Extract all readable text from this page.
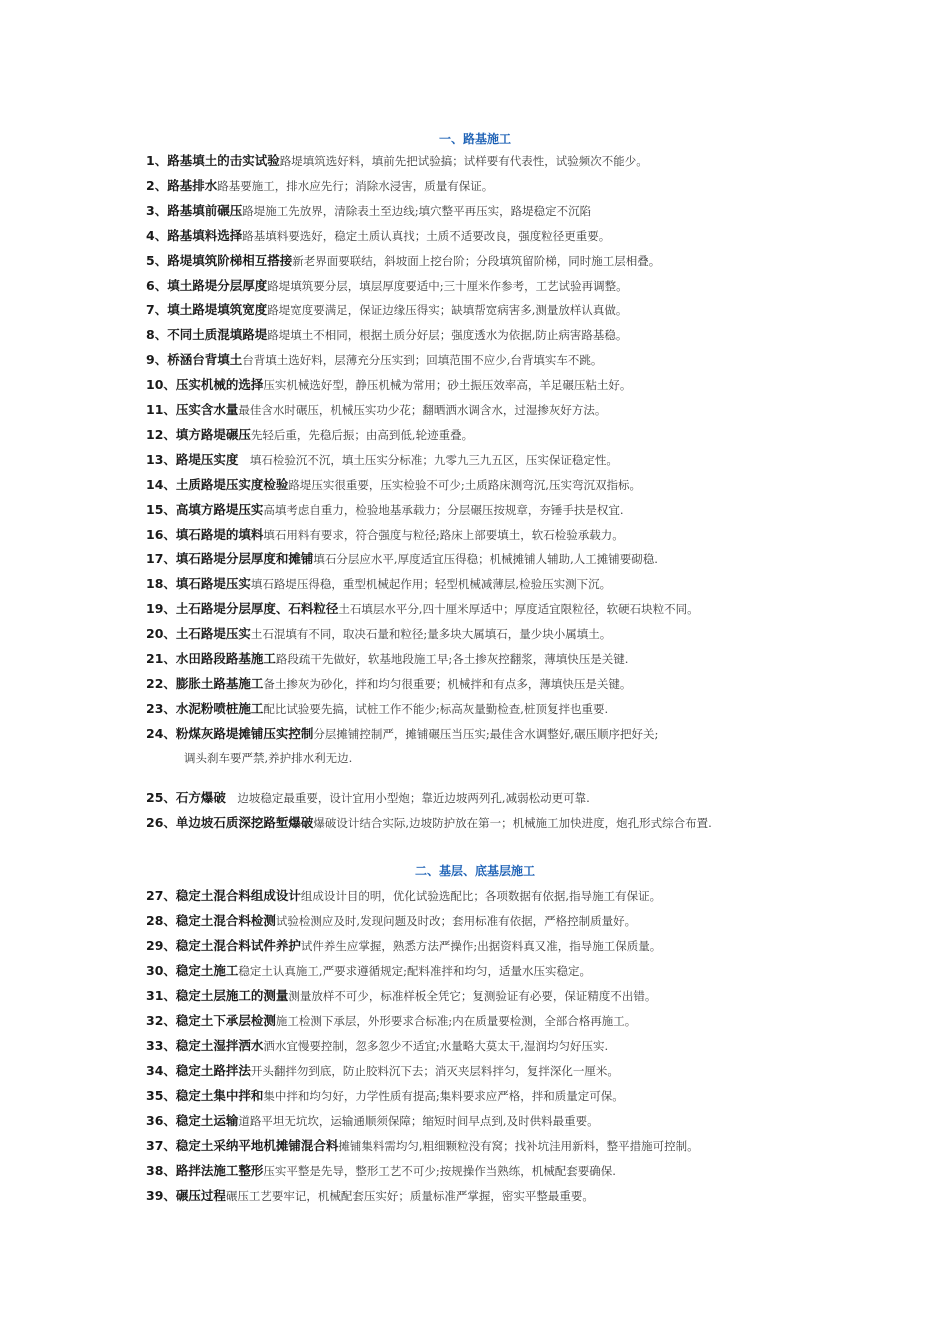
一、路基施工
1、路基填土的击实试验路堤填筑选好料，填前先把试验搞；试样要有代表性，试验频次不能少。
2、路基排水路基要施工，排水应先行；消除水浸害，质量有保证。
3、路基填前碾压路堤施工先放界，清除表土至边线;填穴整平再压实，路堤稳定不沉陷
4、路基填料选择路基填料要选好，稳定土质认真找；土质不适要改良，强度粒径更重要。
5、路堤填筑阶梯相互搭接新老界面要联结，斜坡面上挖台阶；分段填筑留阶梯，同时施工层相叠。
6、填土路堤分层厚度路堤填筑要分层，填层厚度要适中;三十厘米作参考，工艺试验再调整。
7、填土路堤填筑宽度路堤宽度要满足，保证边缘压得实；缺填帮宽病害多,测量放样认真做。
8、不同土质混填路堤路堤填土不相同，根据土质分好层；强度透水为依据,防止病害路基稳。
9、桥涵台背填土台背填土选好料，层薄充分压实到；回填范围不应少,台背填实车不跳。
10、压实机械的选择压实机械选好型，静压机械为常用；砂土振压效率高，羊足碾压粘土好。
11、压实含水量最佳含水时碾压，机械压实功少花；翻晒洒水调含水，过湿掺灰好方法。
12、填方路堤碾压先轻后重，先稳后振；由高到低,轮迹重叠。
13、路堤压实度　填石检验沉不沉，填土压实分标准；九零九三九五区，压实保证稳定性。
14、土质路堤压实度检验路堤压实很重要，压实检验不可少;土质路床测弯沉,压实弯沉双指标。
15、高填方路堤压实高填考虑自重力，检验地基承载力；分层碾压按规章，夯锤手扶是权宜.
16、填石路堤的填料填石用料有要求，符合强度与粒径;路床上部要填土，软石检验承载力。
17、填石路堤分层厚度和摊铺填石分层应水平,厚度适宜压得稳；机械摊铺人辅助,人工摊铺要砌稳.
18、填石路堤压实填石路堤压得稳，重型机械起作用；轻型机械减薄层,检验压实测下沉。
19、土石路堤分层厚度、石料粒径土石填层水平分,四十厘米厚适中；厚度适宜限粒径，软硬石块粒不同。
20、土石路堤压实土石混填有不同，取决石量和粒径;量多块大属填石，量少块小属填土。
21、水田路段路基施工路段疏干先做好，软基地段施工早;各土掺灰控翻浆，薄填快压是关键.
22、膨胀土路基施工备土掺灰为砂化，拌和均匀很重要；机械拌和有点多，薄填快压是关键。
23、水泥粉喷桩施工配比试验要先搞，试桩工作不能少;标高灰量勤检查,桩顶复拌也重要.
24、粉煤灰路堤摊铺压实控制分层摊铺控制严，摊铺碾压当压实;最佳含水调整好,碾压顺序把好关;
调头刹车要严禁,养护排水利无边.
25、石方爆破　边坡稳定最重要，设计宜用小型炮；靠近边坡两列孔,减弱松动更可靠.
26、单边坡石质深挖路堑爆破爆破设计结合实际,边坡防护放在第一；机械施工加快进度，炮孔形式综合布置.
二、基层、底基层施工
27、稳定土混合料组成设计组成设计目的明，优化试验选配比；各项数据有依据,指导施工有保证。
28、稳定土混合料检测试验检测应及时,发现问题及时改；套用标准有依据，严格控制质量好。
29、稳定土混合料试件养护试件养生应掌握，熟悉方法严操作;出据资料真又准，指导施工保质量。
30、稳定土施工稳定土认真施工,严要求遵循规定;配料准拌和均匀，适量水压实稳定。
31、稳定土层施工的测量测量放样不可少，标准样板全凭它；复测验证有必要，保证精度不出错。
32、稳定土下承层检测施工检测下承层，外形要求合标准;内在质量要检测，全部合格再施工。
33、稳定土湿拌洒水洒水宜慢要控制，忽多忽少不适宜;水量略大莫太干,湿润均匀好压实.
34、稳定土路拌法开头翻拌勿到底，防止胶料沉下去；消灭夹层料拌匀，复拌深化一厘米。
35、稳定土集中拌和集中拌和均匀好，力学性质有提高;集料要求应严格，拌和质量定可保。
36、稳定土运输道路平坦无坑坎，运输通顺须保障；缩短时间早点到,及时供料最重要。
37、稳定土采纳平地机摊铺混合料摊铺集料需均匀,粗细颗粒没有窝；找补坑洼用新料，整平措施可控制。
38、路拌法施工整形压实平整是先导，整形工艺不可少;按规操作当熟练，机械配套要确保.
39、碾压过程碾压工艺要牢记，机械配套压实好；质量标准严掌握，密实平整最重要。
